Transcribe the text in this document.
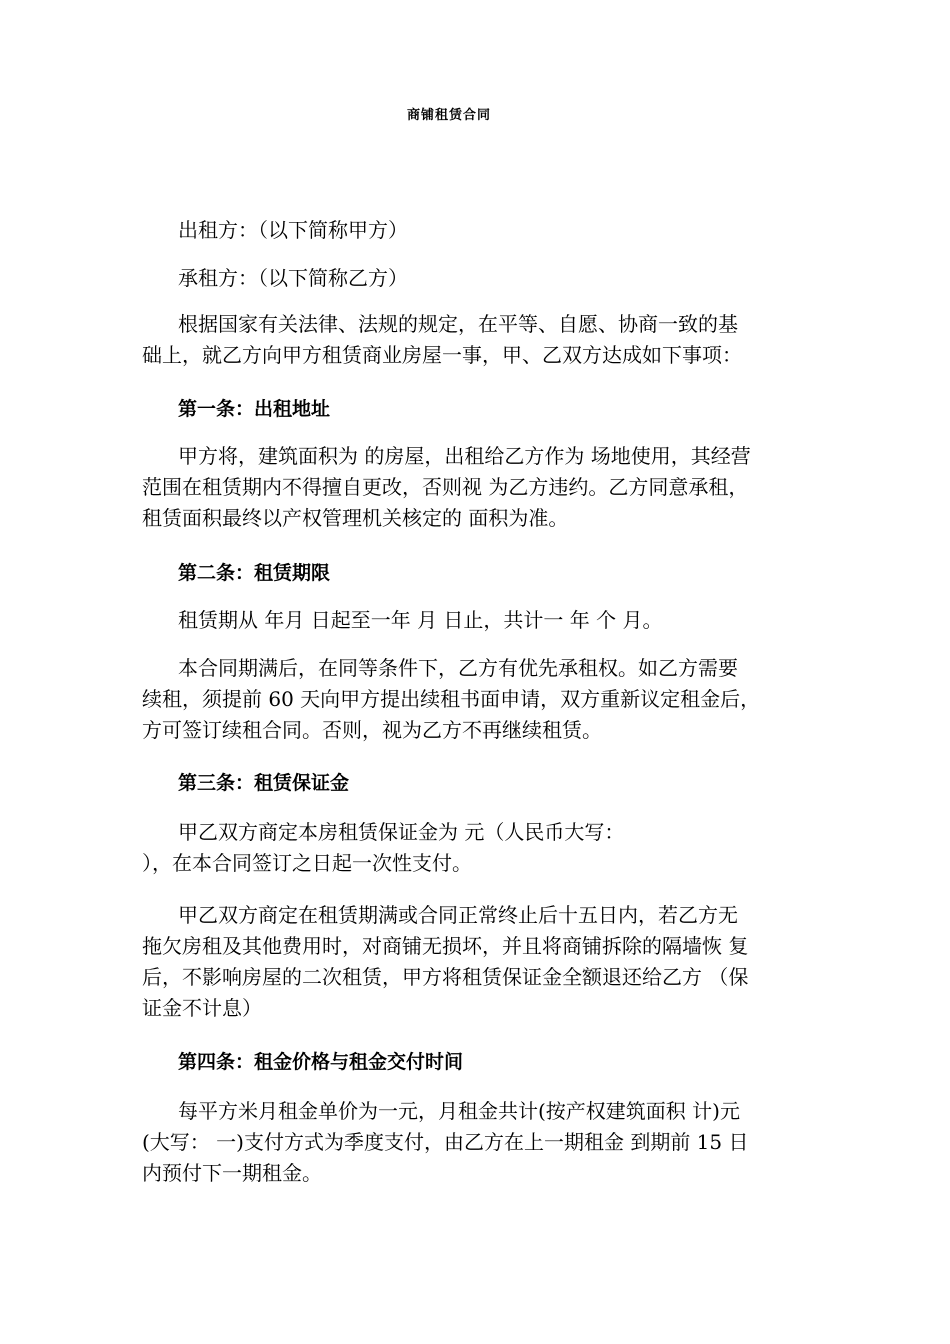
商铺租赁合同
出租方：（以下简称甲方）
承租方：（以下简称乙方）
根据国家有关法律、法规的规定，在平等、自愿、协商一致的基
础上，就乙方向甲方租赁商业房屋一事，甲、乙双方达成如下事项：
第一条：出租地址
甲方将，建筑面积为 的房屋，出租给乙方作为 场地使用，其经营
范围在租赁期内不得擅自更改，否则视 为乙方违约。乙方同意承租，
租赁面积最终以产权管理机关核定的 面积为准。
第二条：租赁期限
租赁期从 年月 日起至一年 月 日止，共计一 年 个 月。
本合同期满后，在同等条件下，乙方有优先承租权。如乙方需要
续租，须提前 60 天向甲方提出续租书面申请，双方重新议定租金后，
方可签订续租合同。否则，视为乙方不再继续租赁。
第三条：租赁保证金
甲乙双方商定本房租赁保证金为 元（人民币大写：
），在本合同签订之日起一次性支付。
甲乙双方商定在租赁期满或合同正常终止后十五日内，若乙方无
拖欠房租及其他费用时，对商铺无损坏，并且将商铺拆除的隔墙恢 复
后，不影响房屋的二次租赁，甲方将租赁保证金全额退还给乙方 （保
证金不计息）
第四条：租金价格与租金交付时间
每平方米月租金单价为一元，月租金共计(按产权建筑面积 计)元
(大写： 一)支付方式为季度支付，由乙方在上一期租金 到期前 15 日
内预付下一期租金。
